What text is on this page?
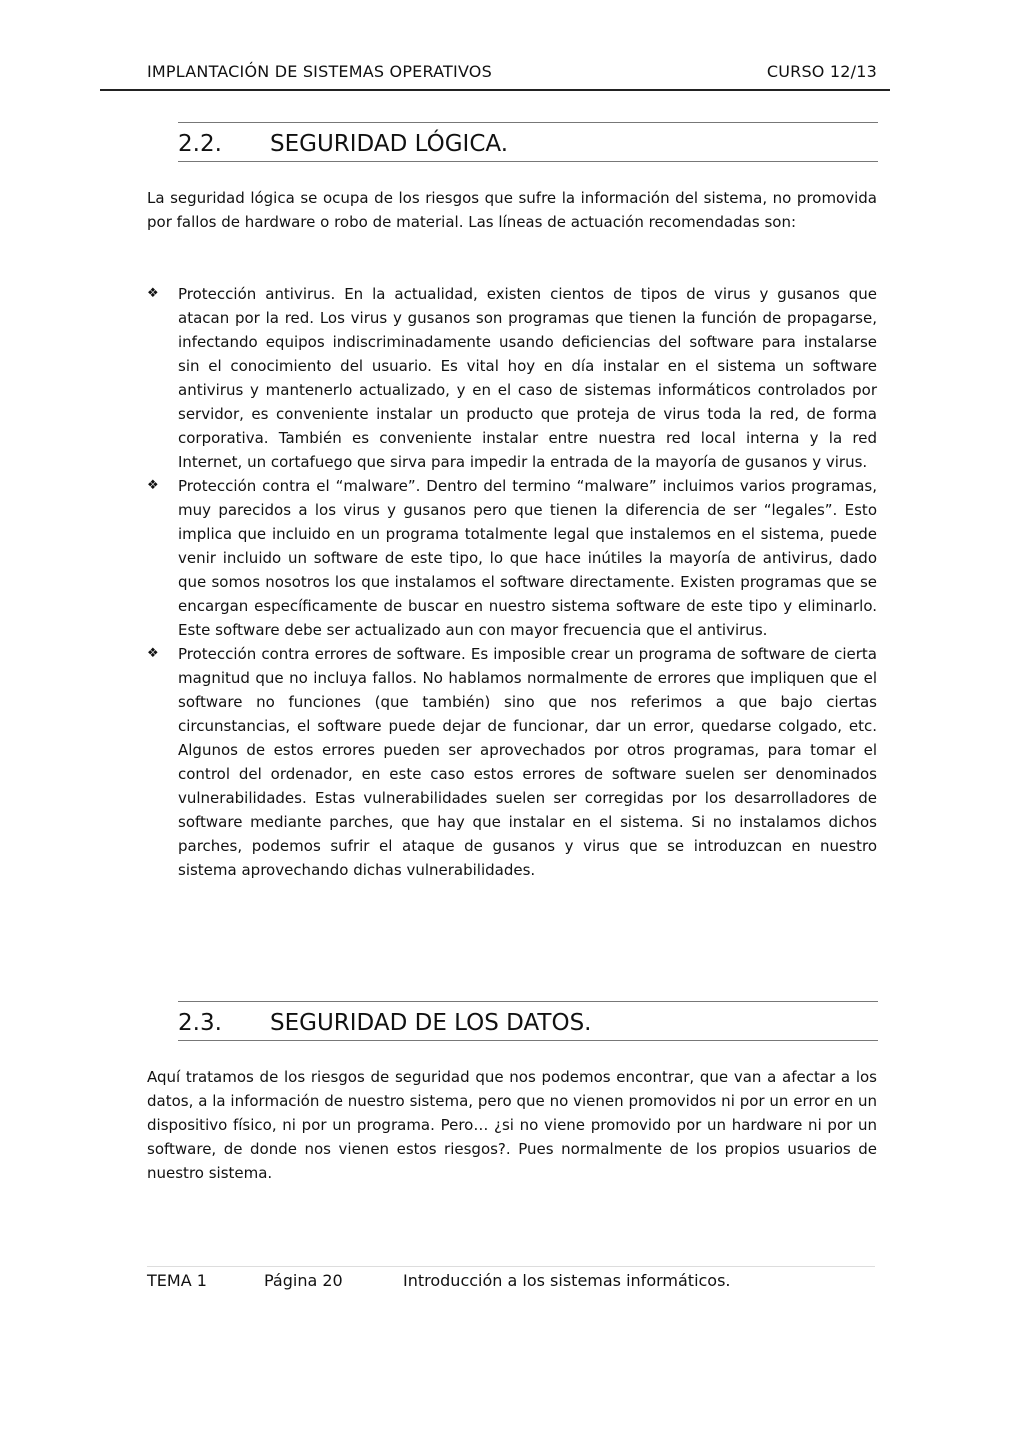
IMPLANTACIÓN DE SISTEMAS OPERATIVOS	CURSO 12/13
2.2. SEGURIDAD LÓGICA.

La seguridad lógica se ocupa de los riesgos que sufre la información del sistema, no promovida por fallos de hardware o robo de material. Las líneas de actuación recomendadas son:

❖ Protección antivirus. En la actualidad, existen cientos de tipos de virus y gusanos que atacan por la red. Los virus y gusanos son programas que tienen la función de propagarse, infectando equipos indiscriminadamente usando deficiencias del software para instalarse sin el conocimiento del usuario. Es vital hoy en día instalar en el sistema un software antivirus y mantenerlo actualizado, y en el caso de sistemas informáticos controlados por servidor, es conveniente instalar un producto que proteja de virus toda la red, de forma corporativa. También es conveniente instalar entre nuestra red local interna y la red Internet, un cortafuego que sirva para impedir la entrada de la mayoría de gusanos y virus.
❖ Protección contra el “malware”. Dentro del termino “malware” incluimos varios programas, muy parecidos a los virus y gusanos pero que tienen la diferencia de ser “legales”. Esto implica que incluido en un programa totalmente legal que instalemos en el sistema, puede venir incluido un software de este tipo, lo que hace inútiles la mayoría de antivirus, dado que somos nosotros los que instalamos el software directamente. Existen programas que se encargan específicamente de buscar en nuestro sistema software de este tipo y eliminarlo. Este software debe ser actualizado aun con mayor frecuencia que el antivirus.
❖ Protección contra errores de software. Es imposible crear un programa de software de cierta magnitud que no incluya fallos. No hablamos normalmente de errores que impliquen que el software no funciones (que también) sino que nos referimos a que bajo ciertas circunstancias, el software puede dejar de funcionar, dar un error, quedarse colgado, etc. Algunos de estos errores pueden ser aprovechados por otros programas, para tomar el control del ordenador, en este caso estos errores de software suelen ser denominados vulnerabilidades. Estas vulnerabilidades suelen ser corregidas por los desarrolladores de software mediante parches, que hay que instalar en el sistema. Si no instalamos dichos parches, podemos sufrir el ataque de gusanos y virus que se introduzcan en nuestro sistema aprovechando dichas vulnerabilidades.
2.3. SEGURIDAD DE LOS DATOS.

Aquí tratamos de los riesgos de seguridad que nos podemos encontrar, que van a afectar a los datos, a la información de nuestro sistema, pero que no vienen promovidos ni por un error en un dispositivo físico, ni por un programa. Pero… ¿si no viene promovido por un hardware ni por un software, de donde nos vienen estos riesgos?. Pues normalmente de los propios usuarios de nuestro sistema.

TEMA 1	Página 20	Introducción a los sistemas informáticos.
